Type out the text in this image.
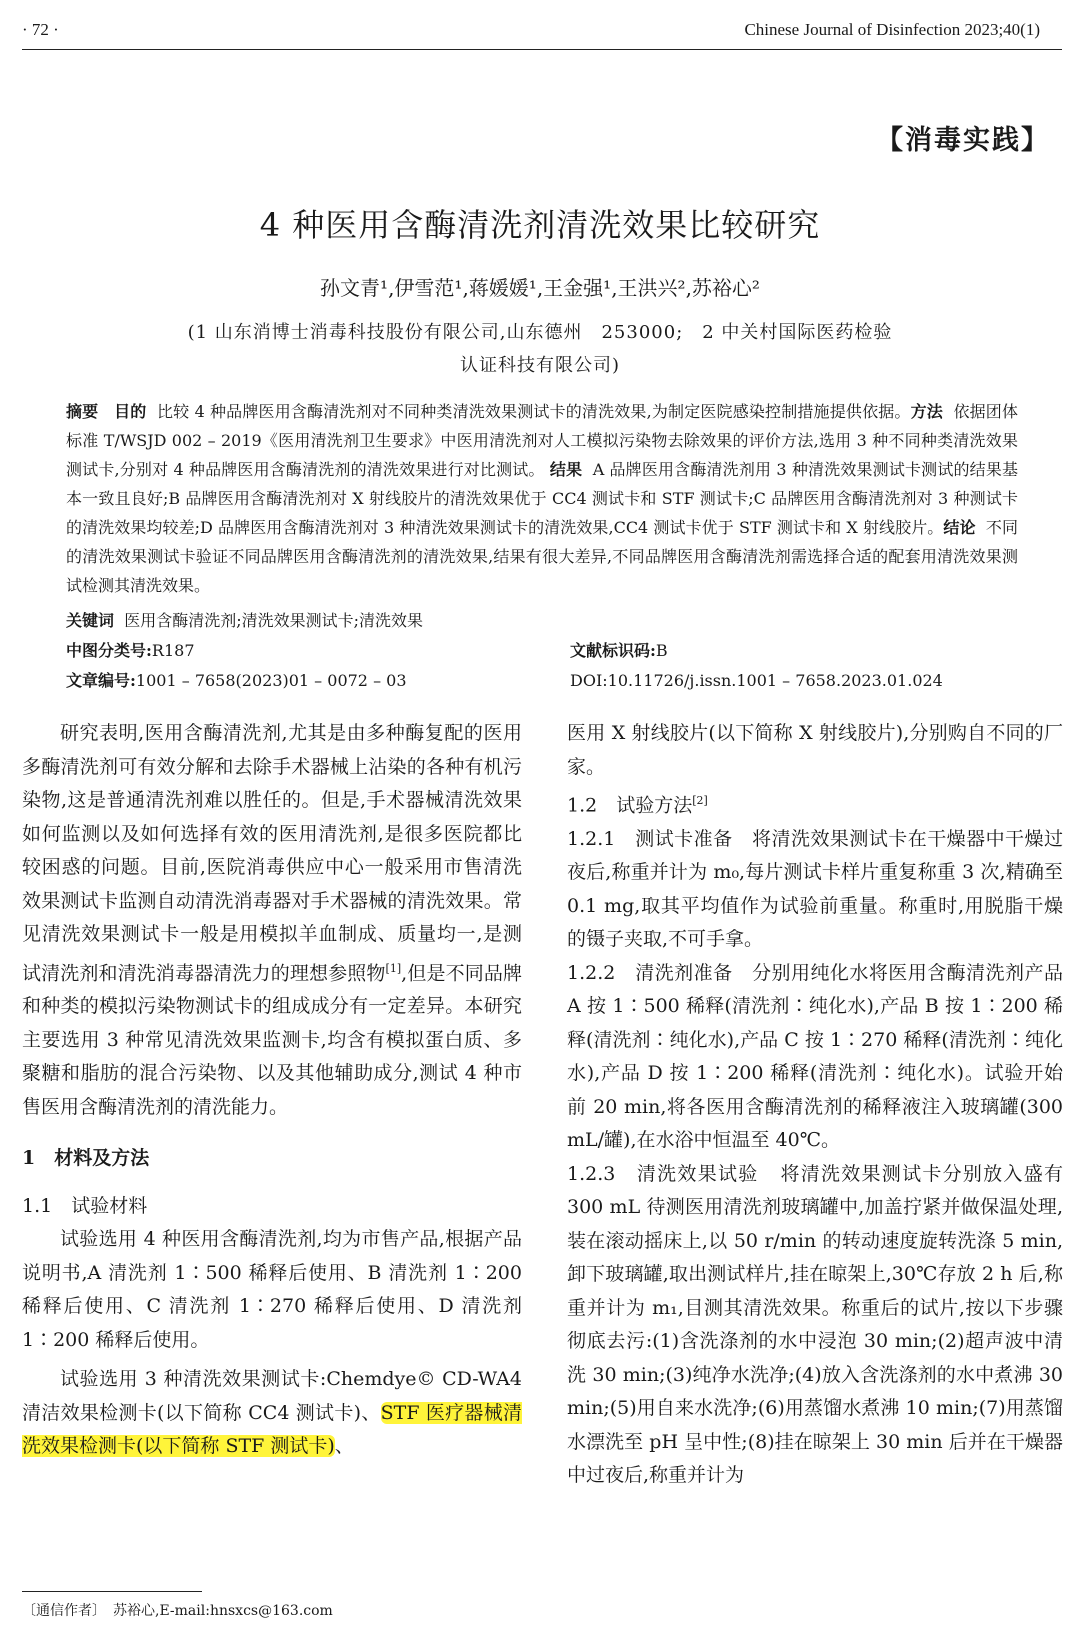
· 72 ·	Chinese Journal of Disinfection 2023;40(1)
【消毒实践】
4 种医用含酶清洗剂清洗效果比较研究
孙文青¹,伊雪范¹,蒋媛媛¹,王金强¹,王洪兴²,苏裕心²
(1 山东消博士消毒科技股份有限公司,山东德州　253000;　2 中关村国际医药检验
认证科技有限公司)
摘要 目的 比较 4 种品牌医用含酶清洗剂对不同种类清洗效果测试卡的清洗效果,为制定医院感染控制措施提供依据。方法 依据团体标准 T/WSJD 002 – 2019《医用清洗剂卫生要求》中医用清洗剂对人工模拟污染物去除效果的评价方法,选用 3 种不同种类清洗效果测试卡,分别对 4 种品牌医用含酶清洗剂的清洗效果进行对比测试。 结果 A 品牌医用含酶清洗剂用 3 种清洗效果测试卡测试的结果基本一致且良好;B 品牌医用含酶清洗剂对 X 射线胶片的清洗效果优于 CC4 测试卡和 STF 测试卡;C 品牌医用含酶清洗剂对 3 种测试卡的清洗效果均较差;D 品牌医用含酶清洗剂对 3 种清洗效果测试卡的清洗效果,CC4 测试卡优于 STF 测试卡和 X 射线胶片。结论 不同的清洗效果测试卡验证不同品牌医用含酶清洗剂的清洗效果,结果有很大差异,不同品牌医用含酶清洗剂需选择合适的配套用清洗效果测试检测其清洗效果。
关键词 医用含酶清洗剂;清洗效果测试卡;清洗效果
中图分类号:R187	文献标识码:B
文章编号:1001 – 7658(2023)01 – 0072 – 03	DOI:10.11726/j.issn.1001 – 7658.2023.01.024

研究表明,医用含酶清洗剂,尤其是由多种酶复配的医用多酶清洗剂可有效分解和去除手术器械上沾染的各种有机污染物,这是普通清洗剂难以胜任的。但是,手术器械清洗效果如何监测以及如何选择有效的医用清洗剂,是很多医院都比较困惑的问题。目前,医院消毒供应中心一般采用市售清洗效果测试卡监测自动清洗消毒器对手术器械的清洗效果。常见清洗效果测试卡一般是用模拟羊血制成、质量均一,是测试清洗剂和清洗消毒器清洗力的理想参照物[1],但是不同品牌和种类的模拟污染物测试卡的组成成分有一定差异。本研究主要选用 3 种常见清洗效果监测卡,均含有模拟蛋白质、多聚糖和脂肪的混合污染物、以及其他辅助成分,测试 4 种市售医用含酶清洗剂的清洗能力。

1　材料及方法

1.1　试验材料

试验选用 4 种医用含酶清洗剂,均为市售产品,根据产品说明书,A 清洗剂 1∶500 稀释后使用、B 清洗剂 1∶200 稀释后使用、C 清洗剂 1∶270 稀释后使用、D 清洗剂 1∶200 稀释后使用。

试验选用 3 种清洗效果测试卡:Chemdye© CD-WA4 清洁效果检测卡(以下简称 CC4 测试卡)、STF 医疗器械清洗效果检测卡(以下简称 STF 测试卡)、

医用 X 射线胶片(以下简称 X 射线胶片),分别购自不同的厂家。

1.2　试验方法[2]

1.2.1　测试卡准备 将清洗效果测试卡在干燥器中干燥过夜后,称重并计为 m₀,每片测试卡样片重复称重 3 次,精确至 0.1 mg,取其平均值作为试验前重量。称重时,用脱脂干燥的镊子夹取,不可手拿。

1.2.2　清洗剂准备 分别用纯化水将医用含酶清洗剂产品 A 按 1∶500 稀释(清洗剂∶纯化水),产品 B 按 1∶200 稀释(清洗剂∶纯化水),产品 C 按 1∶270 稀释(清洗剂∶纯化水),产品 D 按 1∶200 稀释(清洗剂∶纯化水)。试验开始前 20 min,将各医用含酶清洗剂的稀释液注入玻璃罐(300 mL/罐),在水浴中恒温至 40℃。

1.2.3　清洗效果试验 将清洗效果测试卡分别放入盛有 300 mL 待测医用清洗剂玻璃罐中,加盖拧紧并做保温处理,装在滚动摇床上,以 50 r/min 的转动速度旋转洗涤 5 min,卸下玻璃罐,取出测试样片,挂在晾架上,30℃存放 2 h 后,称重并计为 m₁,目测其清洗效果。称重后的试片,按以下步骤彻底去污:(1)含洗涤剂的水中浸泡 30 min;(2)超声波中清洗 30 min;(3)纯净水洗净;(4)放入含洗涤剂的水中煮沸 30 min;(5)用自来水洗净;(6)用蒸馏水煮沸 10 min;(7)用蒸馏水漂洗至 pH 呈中性;(8)挂在晾架上 30 min 后并在干燥器中过夜后,称重并计为

〔通信作者〕　苏裕心,E-mail:hnsxcs@163.com
